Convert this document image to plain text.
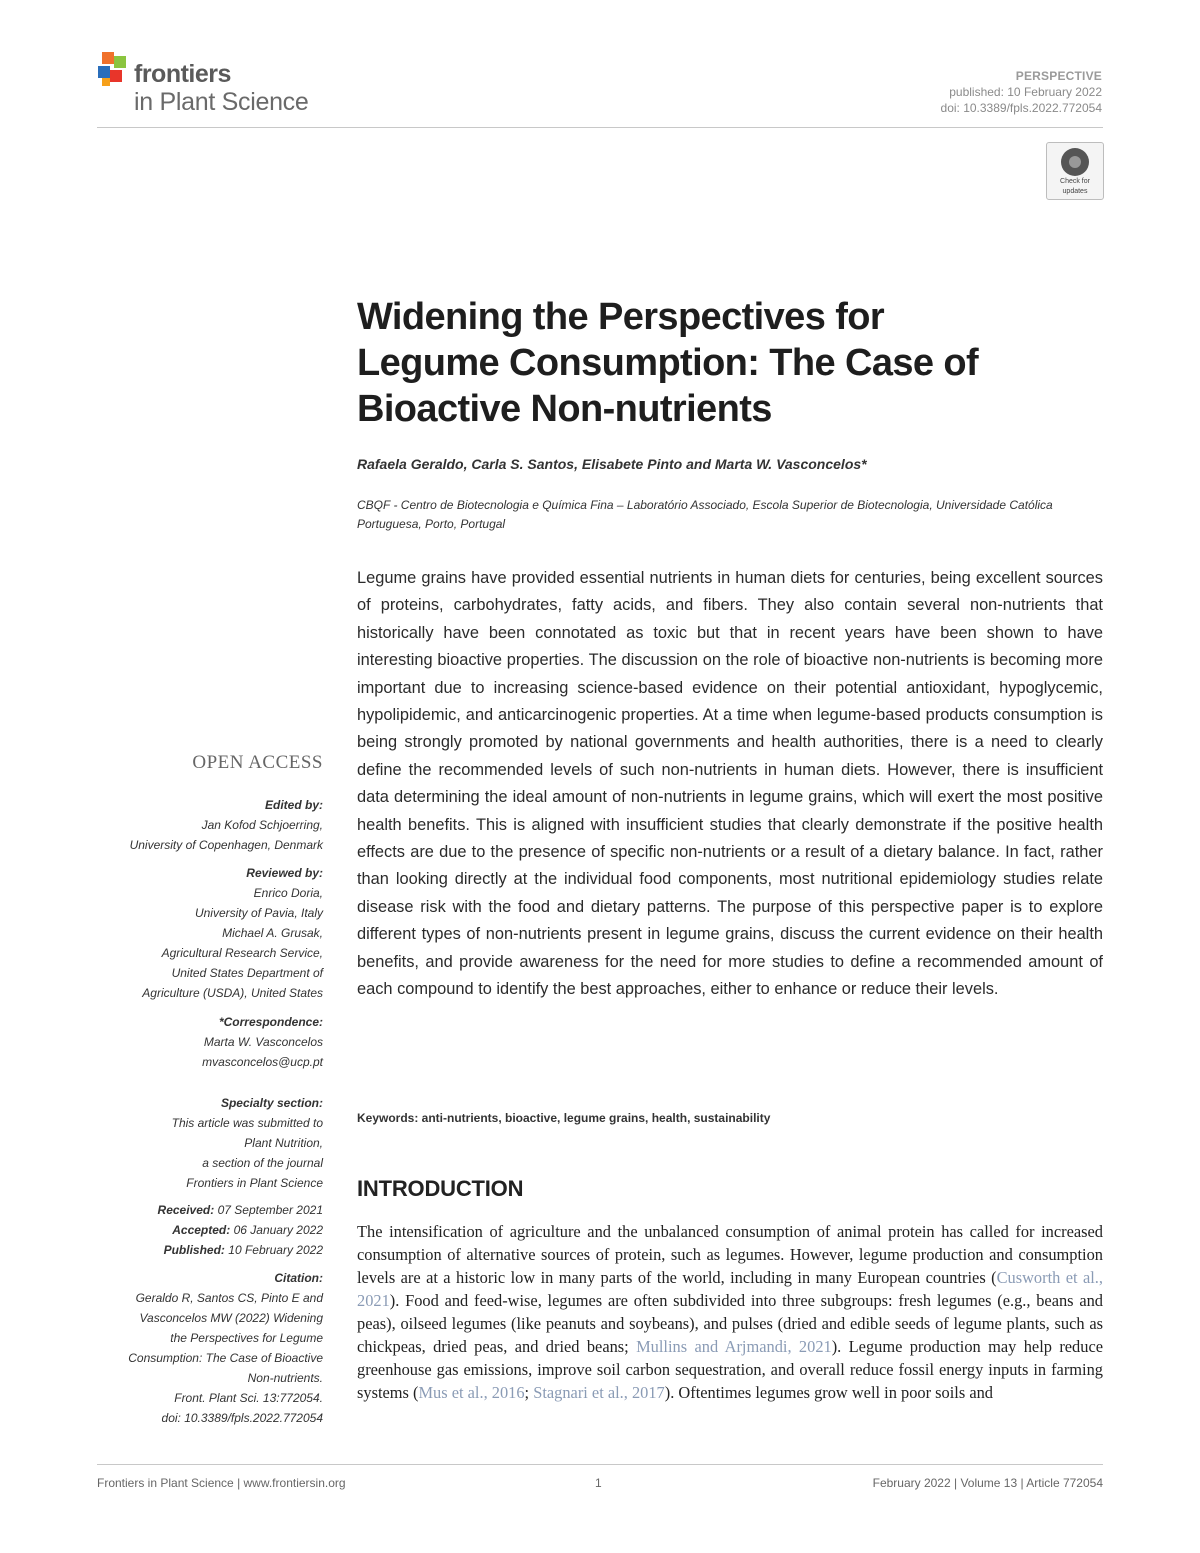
frontiers
in Plant Science
PERSPECTIVE
published: 10 February 2022
doi: 10.3389/fpls.2022.772054
Check for
updates
Widening the Perspectives for
Legume Consumption: The Case of
Bioactive Non-nutrients
Rafaela Geraldo, Carla S. Santos, Elisabete Pinto and Marta W. Vasconcelos*
CBQF - Centro de Biotecnologia e Química Fina – Laboratório Associado, Escola Superior de Biotecnologia, Universidade Católica Portuguesa, Porto, Portugal
Legume grains have provided essential nutrients in human diets for centuries, being excellent sources of proteins, carbohydrates, fatty acids, and fibers. They also contain several non-nutrients that historically have been connotated as toxic but that in recent years have been shown to have interesting bioactive properties. The discussion on the role of bioactive non-nutrients is becoming more important due to increasing science-based evidence on their potential antioxidant, hypoglycemic, hypolipidemic, and anticarcinogenic properties. At a time when legume-based products consumption is being strongly promoted by national governments and health authorities, there is a need to clearly define the recommended levels of such non-nutrients in human diets. However, there is insufficient data determining the ideal amount of non-nutrients in legume grains, which will exert the most positive health benefits. This is aligned with insufficient studies that clearly demonstrate if the positive health effects are due to the presence of specific non-nutrients or a result of a dietary balance. In fact, rather than looking directly at the individual food components, most nutritional epidemiology studies relate disease risk with the food and dietary patterns. The purpose of this perspective paper is to explore different types of non-nutrients present in legume grains, discuss the current evidence on their health benefits, and provide awareness for the need for more studies to define a recommended amount of each compound to identify the best approaches, either to enhance or reduce their levels.
Keywords: anti-nutrients, bioactive, legume grains, health, sustainability
INTRODUCTION
The intensification of agriculture and the unbalanced consumption of animal protein has called for increased consumption of alternative sources of protein, such as legumes. However, legume production and consumption levels are at a historic low in many parts of the world, including in many European countries (Cusworth et al., 2021). Food and feed-wise, legumes are often subdivided into three subgroups: fresh legumes (e.g., beans and peas), oilseed legumes (like peanuts and soybeans), and pulses (dried and edible seeds of legume plants, such as chickpeas, dried peas, and dried beans; Mullins and Arjmandi, 2021). Legume production may help reduce greenhouse gas emissions, improve soil carbon sequestration, and overall reduce fossil energy inputs in farming systems (Mus et al., 2016; Stagnari et al., 2017). Oftentimes legumes grow well in poor soils and
OPEN ACCESS

Edited by:

Jan Kofod Schjoerring,

University of Copenhagen, Denmark

Reviewed by:

Enrico Doria,

University of Pavia, Italy

Michael A. Grusak,

Agricultural Research Service,

United States Department of

Agriculture (USDA), United States

*Correspondence:

Marta W. Vasconcelos

mvasconcelos@ucp.pt

Specialty section:

This article was submitted to

Plant Nutrition,

a section of the journal

Frontiers in Plant Science

Received: 07 September 2021

Accepted: 06 January 2022

Published: 10 February 2022

Citation:

Geraldo R, Santos CS, Pinto E and

Vasconcelos MW (2022) Widening

the Perspectives for Legume

Consumption: The Case of Bioactive

Non-nutrients.

Front. Plant Sci. 13:772054.

doi: 10.3389/fpls.2022.772054

Frontiers in Plant Science | www.frontiersin.org	1	February 2022 | Volume 13 | Article 772054
